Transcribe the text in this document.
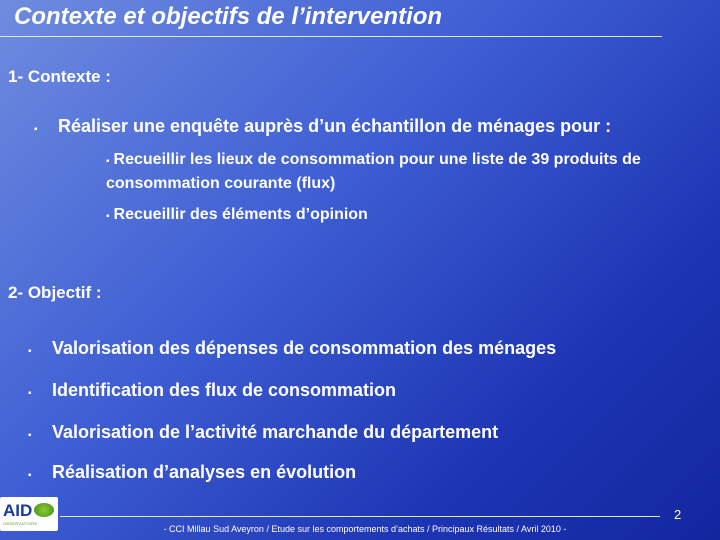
Contexte et objectifs de l’intervention
1- Contexte :
▪	Réaliser une enquête auprès d’un échantillon de ménages pour :
▪ Recueillir les lieux de consommation pour une liste de 39 produits de consommation courante (flux)
▪ Recueillir des éléments d’opinion
2- Objectif :
▪	Valorisation des dépenses de consommation des ménages
▪	Identification des flux de consommation
▪	Valorisation de l’activité marchande du département
▪	Réalisation d’analyses en évolution
AID
OBSERVATOIRE
2
- CCI Millau Sud Aveyron / Etude sur les comportements d’achats / Principaux Résultats / Avril 2010 -
